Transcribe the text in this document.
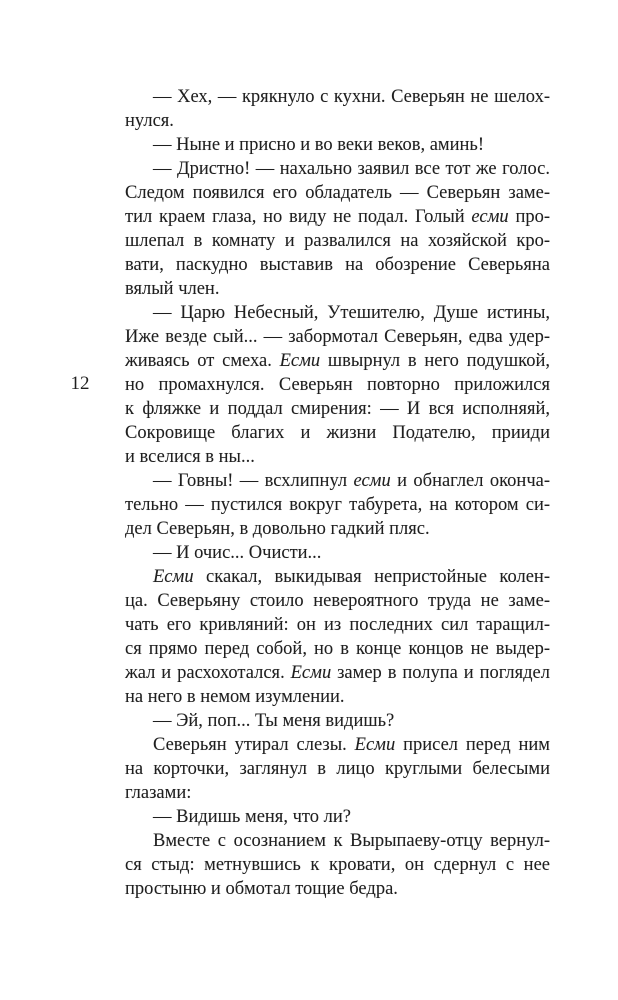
12
— Хех, — крякнуло с кухни. Северьян не шелох-
нулся.
— Ныне и присно и во веки веков, аминь!
— Дристно! — нахально заявил все тот же голос.
Следом появился его обладатель — Северьян заме-
тил краем глаза, но виду не подал. Голый есми про-
шлепал в комнату и развалился на хозяйской кро-
вати, паскудно выставив на обозрение Северьяна
вялый член.
— Царю Небесный, Утешителю, Душе истины,
Иже везде сый... — забормотал Северьян, едва удер-
живаясь от смеха. Есми швырнул в него подушкой,
но промахнулся. Северьян повторно приложился
к фляжке и поддал смирения: — И вся исполняяй,
Сокровище благих и жизни Подателю, прииди
и вселися в ны...
— Говны! — всхлипнул есми и обнаглел оконча-
тельно — пустился вокруг табурета, на котором си-
дел Северьян, в довольно гадкий пляс.
— И очис... Очисти...
Есми скакал, выкидывая непристойные колен-
ца. Северьяну стоило невероятного труда не заме-
чать его кривляний: он из последних сил таращил-
ся прямо перед собой, но в конце концов не выдер-
жал и расхохотался. Есми замер в полупа и поглядел
на него в немом изумлении.
— Эй, поп... Ты меня видишь?
Северьян утирал слезы. Есми присел перед ним
на корточки, заглянул в лицо круглыми белесыми
глазами:
— Видишь меня, что ли?
Вместе с осознанием к Вырыпаеву-отцу вернул-
ся стыд: метнувшись к кровати, он сдернул с нее
простыню и обмотал тощие бедра.
